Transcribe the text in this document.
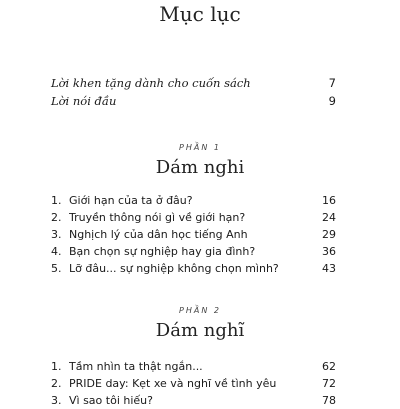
Mục lục
Lời khen tặng dành cho cuốn sách	7
Lời nói đầu	9
PHẦN 1
Dám nghi
1. Giới hạn của ta ở đâu?	16
2. Truyền thông nói gì về giới hạn?	24
3. Nghịch lý của dân học tiếng Anh	29
4. Bạn chọn sự nghiệp hay gia đình?	36
5. Lỡ đâu... sự nghiệp không chọn mình?	43
PHẦN 2
Dám nghĩ
1. Tầm nhìn ta thật ngắn...	62
2. PRIDE day: Kẹt xe và nghĩ về tình yêu	72
3. Vì sao tôi hiếu?	78
